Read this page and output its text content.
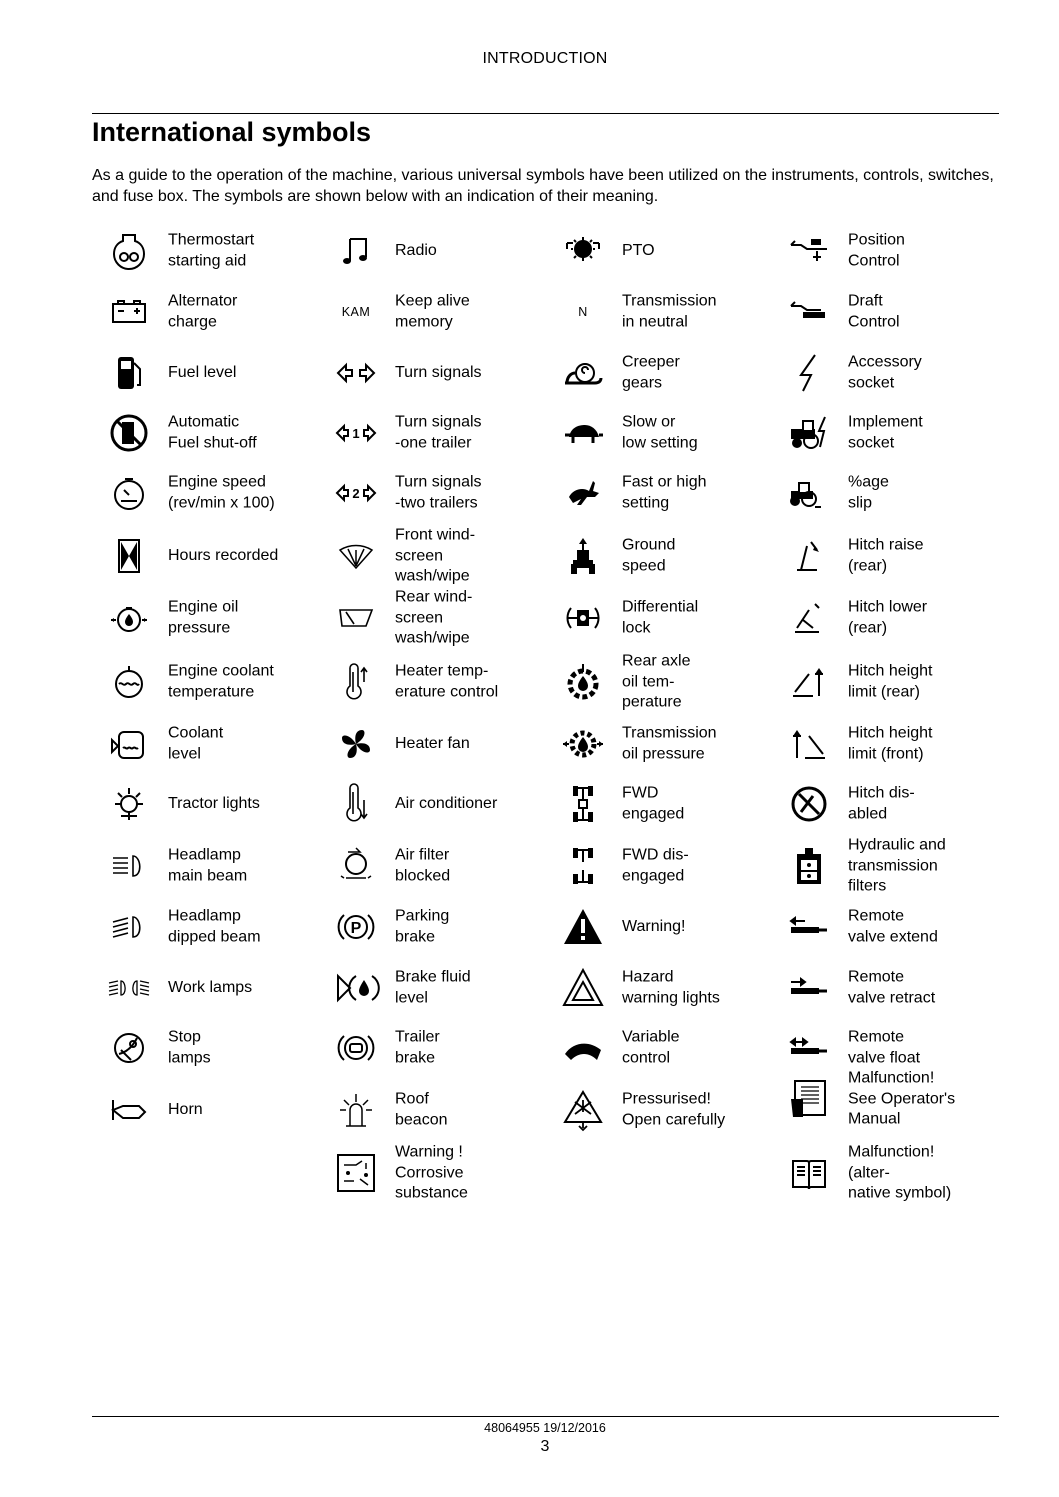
INTRODUCTION
International symbols

As a guide to the operation of the machine, various universal symbols have been utilized on the instruments, controls, switches, and fuse box. The symbols are shown below with an indication of their meaning.

Thermostart
starting aid
Alternator
charge
Fuel level
Automatic
Fuel shut-off
Engine speed
(rev/min x 100)
Hours recorded
Engine oil
pressure
Engine coolant
temperature
Coolant
level
Tractor lights
Headlamp
main beam
Headlamp
dipped beam
Work lamps
Stop
lamps
Horn
Radio
KAM
Keep alive
memory
Turn signals
1
Turn signals
-one trailer
2
Turn signals
-two trailers
Front wind-
screen
wash/wipe
Rear wind-
screen
wash/wipe
Heater temp-
erature control
Heater fan
Air conditioner
Air filter
blocked
P
Parking
brake
Brake fluid
level
Trailer
brake
Roof
beacon
Warning !
Corrosive
substance
PTO
N
Transmission
in neutral
Creeper
gears
Slow or
low setting
Fast or high
setting
Ground
speed
Differential
lock
Rear axle
oil tem-
perature
Transmission
oil pressure
FWD
engaged
FWD dis-
engaged
Warning!
Hazard
warning lights
Variable
control
Pressurised!
Open carefully
Position
Control
Draft
Control
Accessory
socket
Implement
socket
%age
slip
Hitch raise
(rear)
Hitch lower
(rear)
Hitch height
limit (rear)
Hitch height
limit (front)
Hitch dis-
abled
Hydraulic and
transmission
filters
Remote
valve extend
Remote
valve retract
Remote
valve float
Malfunction!
See Operator's
Manual
Malfunction!
(alter-
native symbol)
48064955 19/12/2016
3
